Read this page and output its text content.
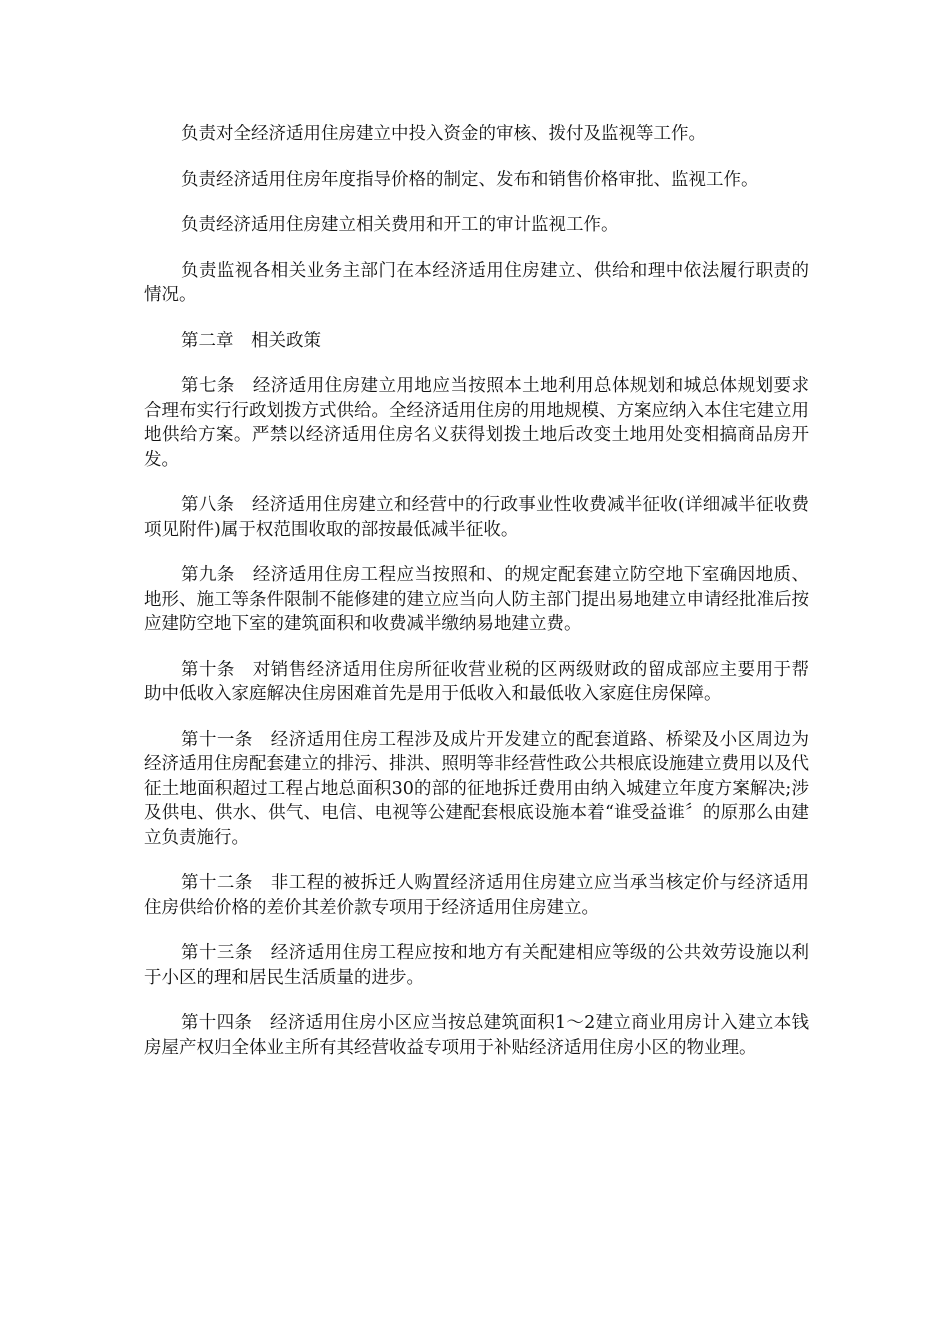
负责对全经济适用住房建立中投入资金的审核、拨付及监视等工作。

负责经济适用住房年度指导价格的制定、发布和销售价格审批、监视工作。

负责经济适用住房建立相关费用和开工的审计监视工作。

负责监视各相关业务主部门在本经济适用住房建立、供给和理中依法履行职责的情况。

第二章　相关政策

第七条　经济适用住房建立用地应当按照本土地利用总体规划和城总体规划要求合理布实行行政划拨方式供给。全经济适用住房的用地规模、方案应纳入本住宅建立用地供给方案。严禁以经济适用住房名义获得划拨土地后改变土地用处变相搞商品房开发。

第八条　经济适用住房建立和经营中的行政事业性收费减半征收(详细减半征收费项见附件)属于权范围收取的部按最低减半征收。

第九条　经济适用住房工程应当按照和、的规定配套建立防空地下室确因地质、地形、施工等条件限制不能修建的建立应当向人防主部门提出易地建立申请经批准后按应建防空地下室的建筑面积和收费减半缴纳易地建立费。

第十条　对销售经济适用住房所征收营业税的区两级财政的留成部应主要用于帮助中低收入家庭解决住房困难首先是用于低收入和最低收入家庭住房保障。

第十一条　经济适用住房工程涉及成片开发建立的配套道路、桥梁及小区周边为经济适用住房配套建立的排污、排洪、照明等非经营性政公共根底设施建立费用以及代征土地面积超过工程占地总面积30的部的征地拆迁费用由纳入城建立年度方案解决;涉及供电、供水、供气、电信、电视等公建配套根底设施本着“谁受益谁〞的原那么由建立负责施行。

第十二条　非工程的被拆迁人购置经济适用住房建立应当承当核定价与经济适用住房供给价格的差价其差价款专项用于经济适用住房建立。

第十三条　经济适用住房工程应按和地方有关配建相应等级的公共效劳设施以利于小区的理和居民生活质量的进步。

第十四条　经济适用住房小区应当按总建筑面积1～2建立商业用房计入建立本钱房屋产权归全体业主所有其经营收益专项用于补贴经济适用住房小区的物业理。
